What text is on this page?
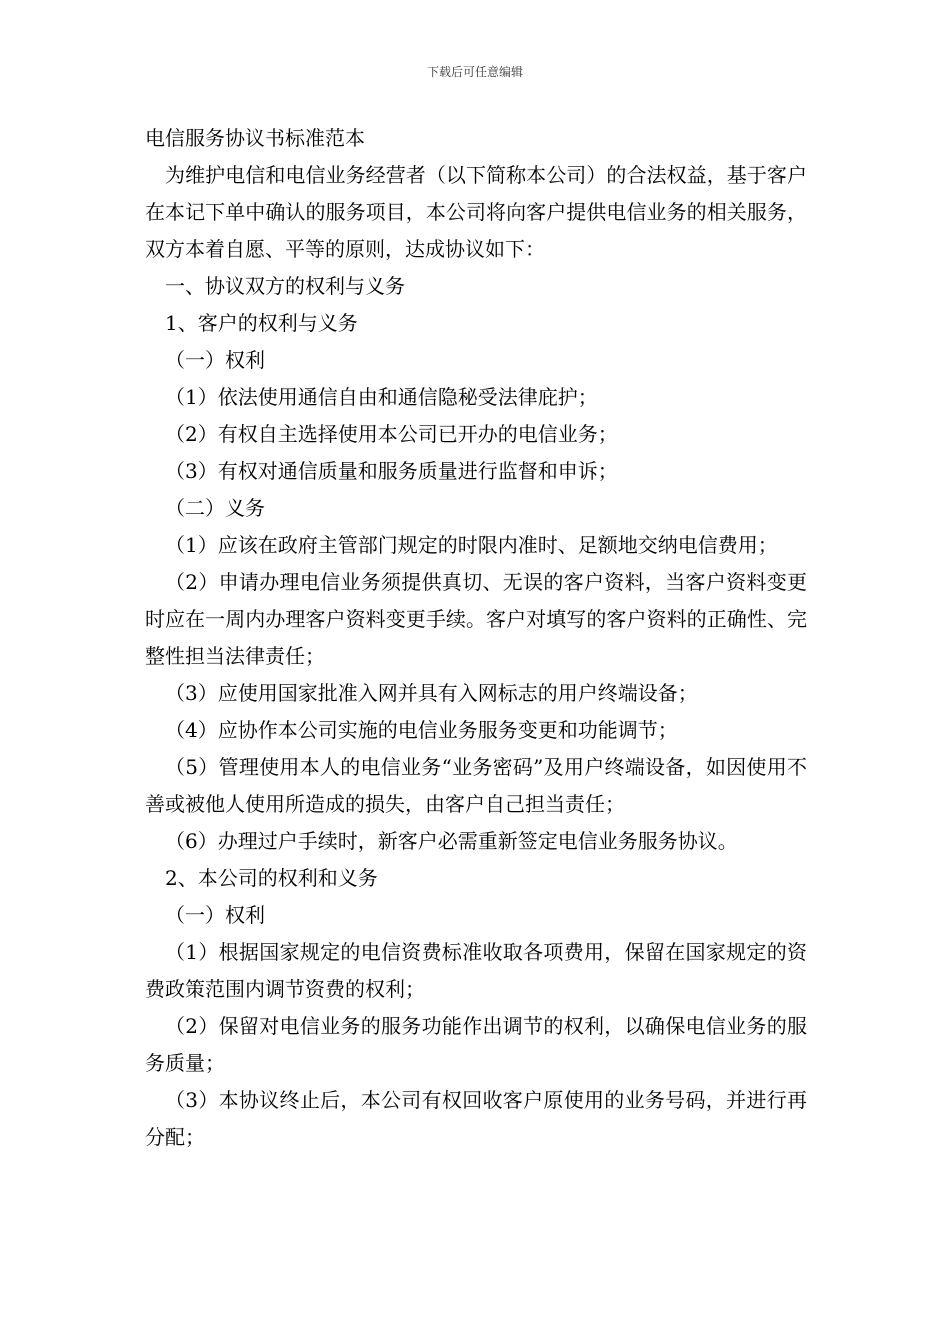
下载后可任意编辑
电信服务协议书标准范本

为维护电信和电信业务经营者（以下简称本公司）的合法权益，基于客户在本记下单中确认的服务项目，本公司将向客户提供电信业务的相关服务，双方本着自愿、平等的原则，达成协议如下：

一、协议双方的权利与义务

1、客户的权利与义务

（一）权利

（1）依法使用通信自由和通信隐秘受法律庇护；

（2）有权自主选择使用本公司已开办的电信业务；

（3）有权对通信质量和服务质量进行监督和申诉；

（二）义务

（1）应该在政府主管部门规定的时限内准时、足额地交纳电信费用；

（2）申请办理电信业务须提供真切、无误的客户资料，当客户资料变更时应在一周内办理客户资料变更手续。客户对填写的客户资料的正确性、完整性担当法律责任；

（3）应使用国家批准入网并具有入网标志的用户终端设备；

（4）应协作本公司实施的电信业务服务变更和功能调节；

（5）管理使用本人的电信业务“业务密码”及用户终端设备，如因使用不善或被他人使用所造成的损失，由客户自己担当责任；

（6）办理过户手续时，新客户必需重新签定电信业务服务协议。

2、本公司的权利和义务

（一）权利

（1）根据国家规定的电信资费标准收取各项费用，保留在国家规定的资费政策范围内调节资费的权利；

（2）保留对电信业务的服务功能作出调节的权利，以确保电信业务的服务质量；

（3）本协议终止后，本公司有权回收客户原使用的业务号码，并进行再分配；
